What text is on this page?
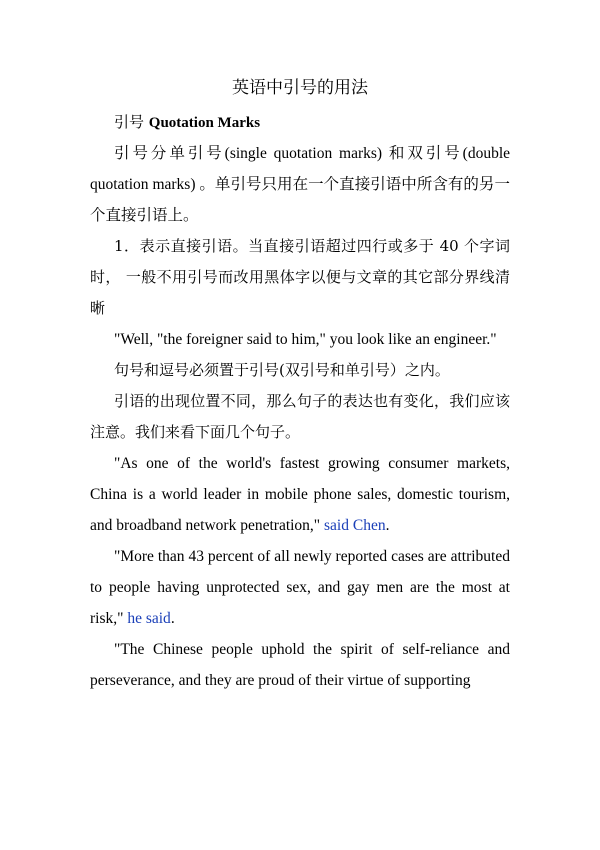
英语中引号的用法
引号 Quotation Marks

引号分单引号(single quotation marks) 和双引号(double quotation marks) 。单引号只用在一个直接引语中所含有的另一个直接引语上。

1．表示直接引语。当直接引语超过四行或多于 40 个字词时， 一般不用引号而改用黑体字以便与文章的其它部分界线清晰

"Well, "the foreigner said to him," you look like an engineer."

句号和逗号必须置于引号(双引号和单引号）之内。

引语的出现位置不同，那么句子的表达也有变化，我们应该注意。我们来看下面几个句子。

"As one of the world's fastest growing consumer markets, China is a world leader in mobile phone sales, domestic tourism, and broadband network penetration," said Chen.

"More than 43 percent of all newly reported cases are attributed to people having unprotected sex, and gay men are the most at risk," he said.

"The Chinese people uphold the spirit of self-reliance and perseverance, and they are proud of their virtue of supporting
